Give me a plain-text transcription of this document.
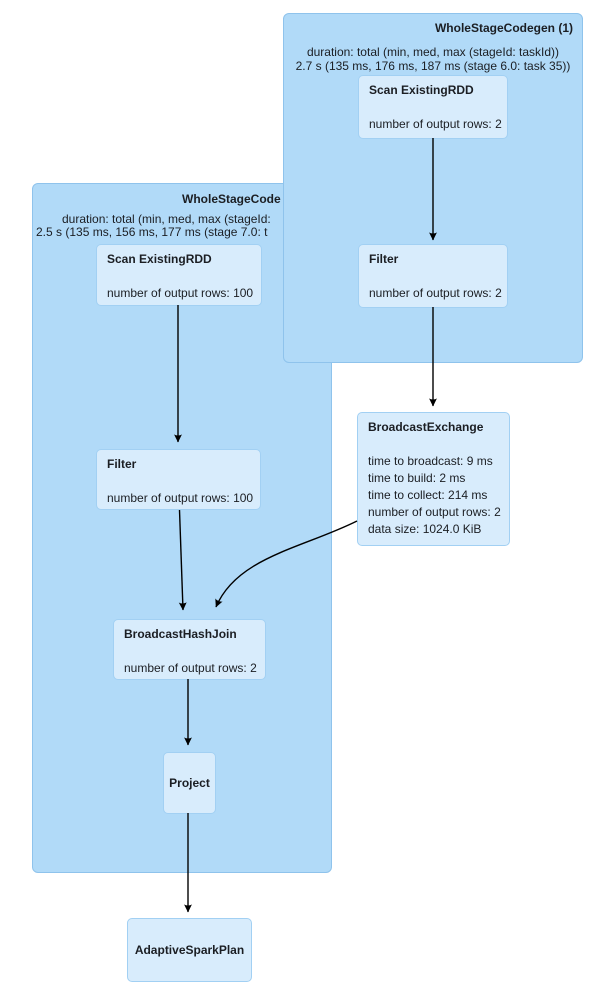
WholeStageCode
duration: total (min, med, max (stageId:
2.5 s (135 ms, 156 ms, 177 ms (stage 7.0: t
Scan ExistingRDD
number of output rows: 100
Filter
number of output rows: 100
BroadcastHashJoin
number of output rows: 2
Project
WholeStageCodegen (1)
duration: total (min, med, max (stageId: taskId))
2.7 s (135 ms, 176 ms, 187 ms (stage 6.0: task 35))
Scan ExistingRDD
number of output rows: 2
Filter
number of output rows: 2
BroadcastExchange
time to broadcast: 9 ms
time to build: 2 ms
time to collect: 214 ms
number of output rows: 2
data size: 1024.0 KiB
AdaptiveSparkPlan
